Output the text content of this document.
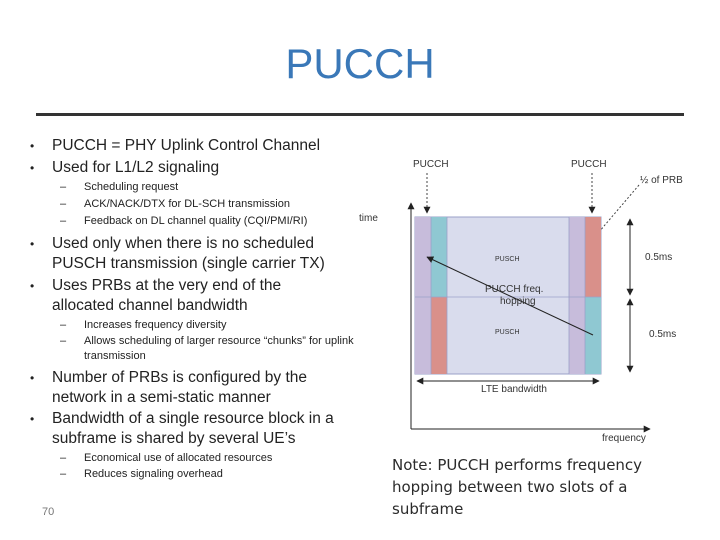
PUCCH
• PUCCH = PHY Uplink Control Channel
• Used for L1/L2 signaling
– Scheduling request
– ACK/NACK/DTX for DL-SCH transmission
– Feedback on DL channel quality (CQI/PMI/RI)
• Used only when there is no scheduled PUSCH transmission (single carrier TX)
• Uses PRBs at the very end of the allocated channel bandwidth
– Increases frequency diversity
– Allows scheduling of larger resource “chunks” for uplink transmission
• Number of PRBs is configured by the network in a semi-static manner
• Bandwidth of a single resource block in a subframe is shared by several UE’s
– Economical use of allocated resources
– Reduces signaling overhead
70
PUCCH	PUCCH
½ of PRB
time
PUSCH
PUSCH
PUCCH freq.
hopping
0.5ms
0.5ms
LTE bandwidth
frequency
Note: PUCCH performs frequency hopping between two slots of a subframe
